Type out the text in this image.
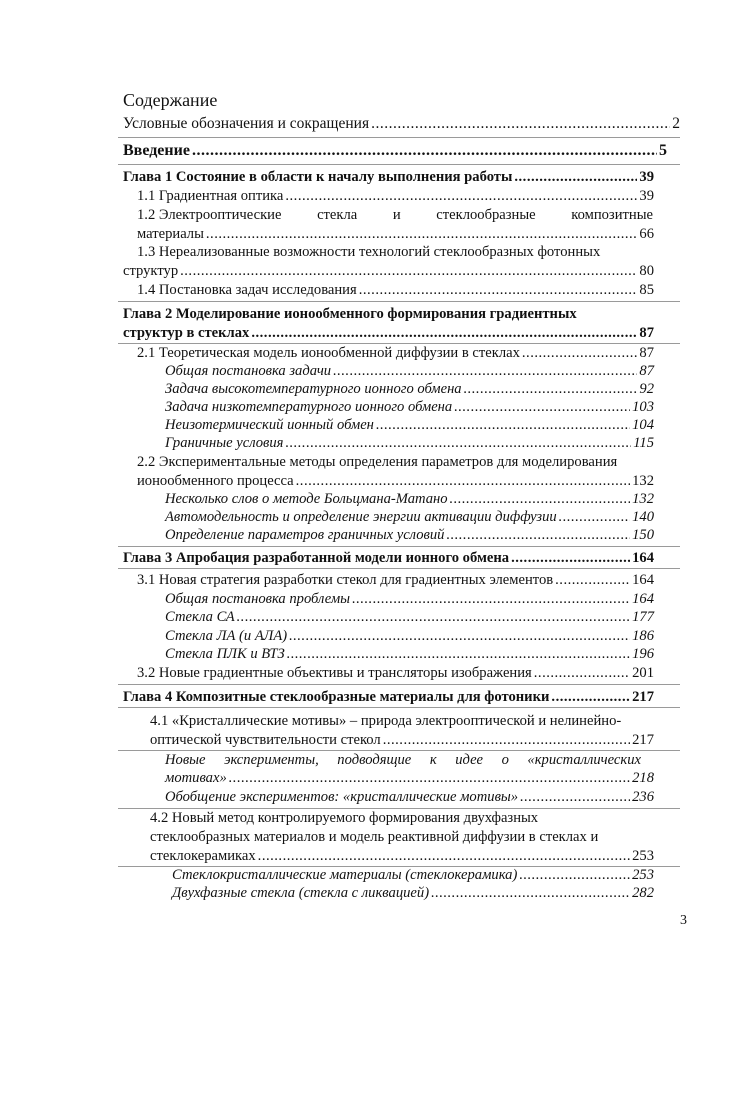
Содержание
Условные обозначения и сокращения .....	2
Введение .....	5
Глава 1 Состояние в области к началу выполнения работы .....	39
1.1 Градиентная оптика .....	39
1.2 Электрооптические стекла и стеклообразные композитные
материалы .....	66
1.3 Нереализованные возможности технологий стеклообразных фотонных
структур .....	80
1.4 Постановка задач исследования .....	85
Глава 2 Моделирование ионообменного формирования градиентных
структур в стеклах .....	87
2.1 Теоретическая модель ионообменной диффузии в стеклах .....	87
Общая постановка задачи .....	87
Задача высокотемпературного ионного обмена .....	92
Задача низкотемпературного ионного обмена .....	103
Неизотермический ионный обмен .....	104
Граничные условия .....	115
2.2 Экспериментальные методы определения параметров для моделирования
ионообменного процесса .....	132
Несколько слов о методе Больцмана-Матано .....	132
Автомодельность и определение энергии активации диффузии .....	140
Определение параметров граничных условий .....	150
Глава 3 Апробация разработанной модели ионного обмена .....	164
3.1 Новая стратегия разработки стекол для градиентных элементов .....	164
Общая постановка проблемы .....	164
Стекла СА .....	177
Стекла ЛА (и АЛА) .....	186
Стекла ПЛК и ВТЗ .....	196
3.2 Новые градиентные объективы и трансляторы изображения .....	201
Глава 4 Композитные стеклообразные материалы для фотоники .....	217
4.1 «Кристаллические мотивы» – природа электрооптической и нелинейно-
оптической чувствительности стекол .....	217
Новые эксперименты, подводящие к идее о «кристаллических
мотивах» .....	218
Обобщение экспериментов: «кристаллические мотивы» .....	236
4.2 Новый метод контролируемого формирования двухфазных
стеклообразных материалов и модель реактивной диффузии в стеклах и
стеклокерамиках .....	253
Стеклокристаллические материалы (стеклокерамика) .....	253
Двухфазные стекла (стекла с ликвацией) .....	282
3
